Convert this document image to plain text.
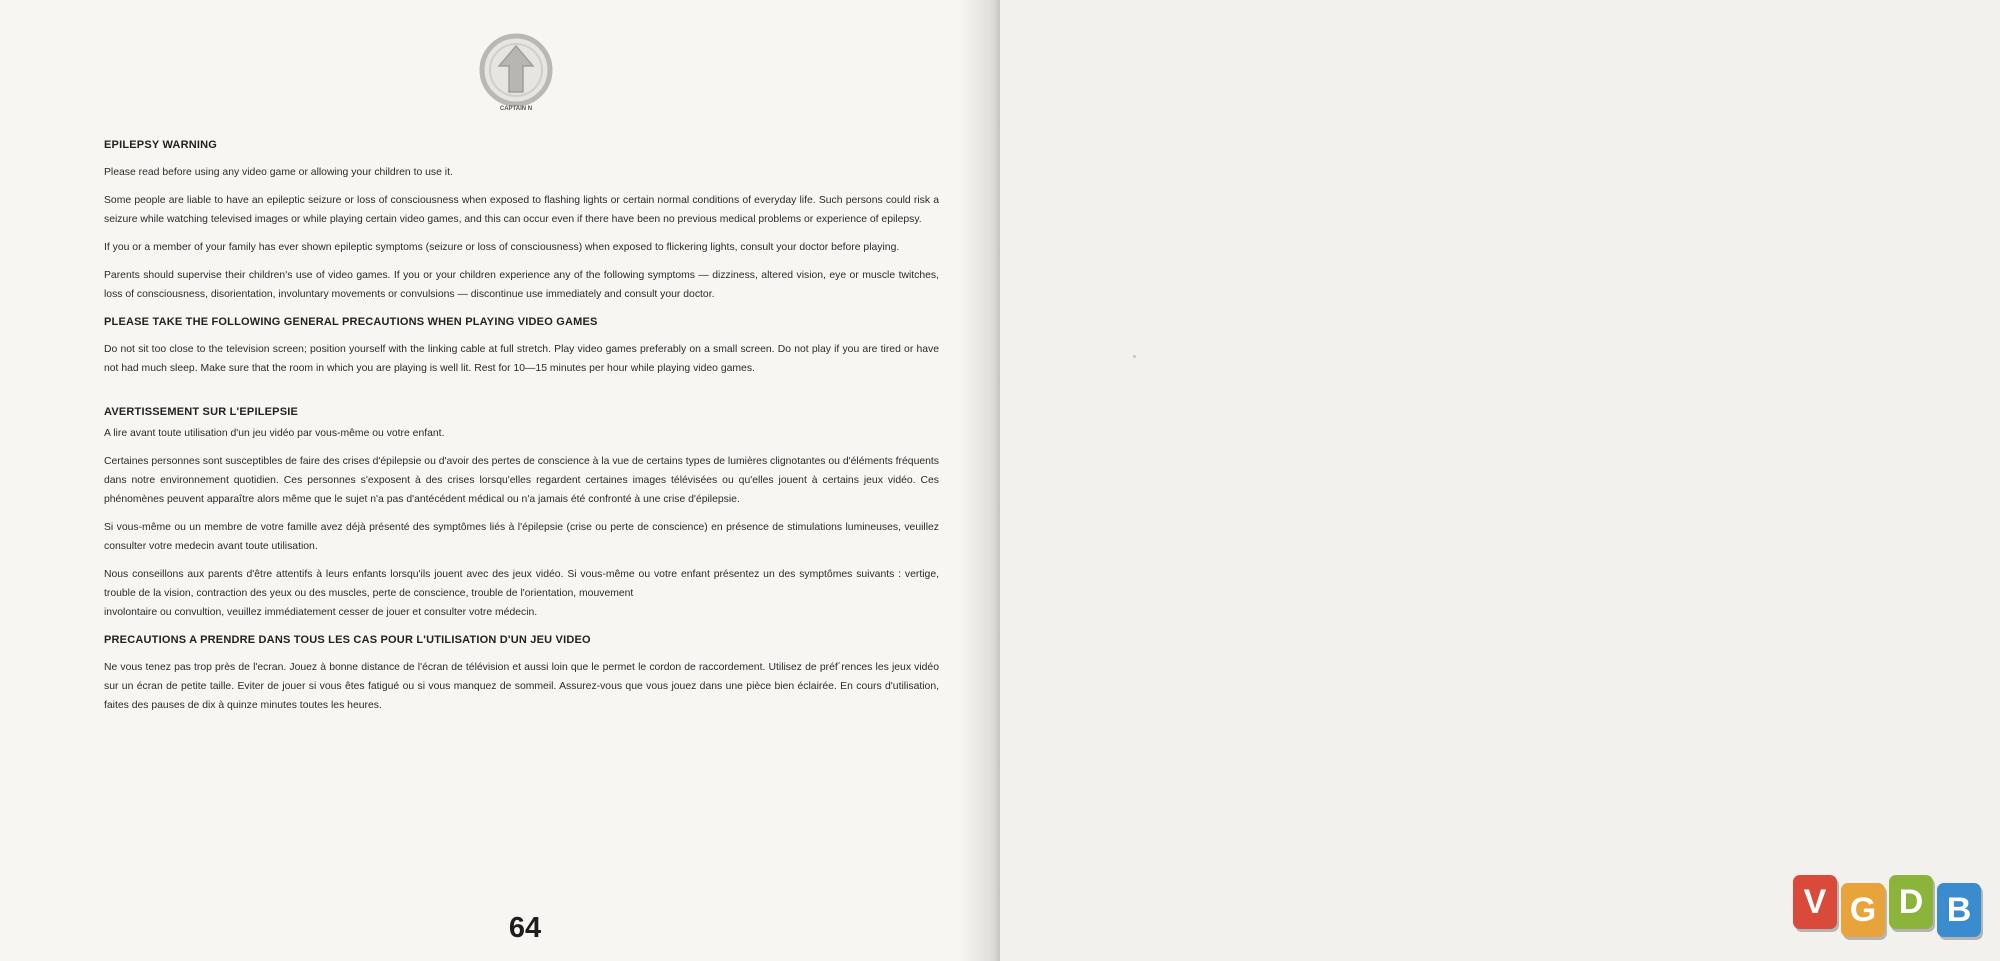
CAPTAIN N
EPILEPSY WARNING

Please read before using any video game or allowing your children to use it.

Some people are liable to have an epileptic seizure or loss of consciousness when exposed to flashing lights or certain normal conditions of everyday life. Such persons could risk a seizure while watching televised images or while playing certain video games, and this can occur even if there have been no previous medical problems or experience of epilepsy.

If you or a member of your family has ever shown epileptic symptoms (seizure or loss of consciousness) when exposed to flickering lights, consult your doctor before playing.

Parents should supervise their children's use of video games. If you or your children experience any of the following symptoms — dizziness, altered vision, eye or muscle twitches, loss of consciousness, disorientation, involuntary movements or convulsions — discontinue use immediately and consult your doctor.

PLEASE TAKE THE FOLLOWING GENERAL PRECAUTIONS WHEN PLAYING VIDEO GAMES

Do not sit too close to the television screen; position yourself with the linking cable at full stretch. Play video games preferably on a small screen. Do not play if you are tired or have not had much sleep. Make sure that the room in which you are playing is well lit. Rest for 10—15 minutes per hour while playing video games.

AVERTISSEMENT SUR L'EPILEPSIE

A lire avant toute utilisation d'un jeu vidéo par vous-même ou votre enfant.

Certaines personnes sont susceptibles de faire des crises d'épilepsie ou d'avoir des pertes de conscience à la vue de certains types de lumières clignotantes ou d'éléments fréquents dans notre environnement quotidien. Ces personnes s'exposent à des crises lorsqu'elles regardent certaines images télévisées ou qu'elles jouent à certains jeux vidéo. Ces phénomènes peuvent apparaître alors même que le sujet n'a pas d'antécédent médical ou n'a jamais été confronté à une crise d'épilepsie.

Si vous-même ou un membre de votre famille avez déjà présenté des symptômes liés à l'épilepsie (crise ou perte de conscience) en présence de stimulations lumineuses, veuillez consulter votre medecin avant toute utilisation.

Nous conseillons aux parents d'être attentifs à leurs enfants lorsqu'ils jouent avec des jeux vidéo. Si vous-même ou votre enfant présentez un des symptômes suivants : vertige, trouble de la vision, contraction des yeux ou des muscles, perte de conscience, trouble de l'orientation, mouvement

involontaire ou convultion, veuillez immédiatement cesser de jouer et consulter votre médecin.

PRECAUTIONS A PRENDRE DANS TOUS LES CAS POUR L'UTILISATION D'UN JEU VIDEO

Ne vous tenez pas trop près de l'ecran. Jouez à bonne distance de l'écran de télévision et aussi loin que le permet le cordon de raccordement. Utilisez de préf´rences les jeux vidéo sur un écran de petite taille. Eviter de jouer si vous êtes fatigué ou si vous manquez de sommeil. Assurez-vous que vous jouez dans une pièce bien éclairée. En cours d'utilisation, faites des pauses de dix à quinze minutes toutes les heures.

64
V G D B
